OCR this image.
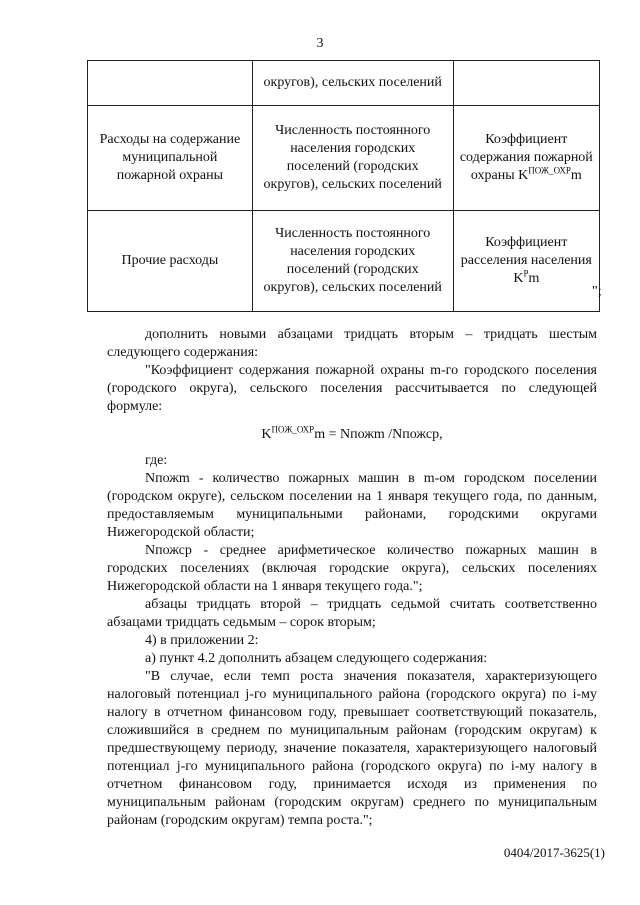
3
	округов), сельских поселений	
Расходы на содержание муниципальной пожарной охраны	Численность постоянного населения городских поселений (городских округов), сельских поселений	Коэффициент содержания пожарной охраны $K^{ПОЖ\_ОХР}m$
Прочие расходы	Численность постоянного населения городских поселений (городских округов), сельских поселений	Коэффициент расселения населения $K^Pm$
";

дополнить новыми абзацами тридцать вторым – тридцать шестым следующего содержания:

"Коэффициент содержания пожарной охраны m-го городского поселения (городского округа), сельского поселения рассчитывается по следующей формуле:

$K^{ПОЖ\_ОХР}m$ = Nпожm /Nпожср,

где:

Nпожm - количество пожарных машин в m-ом городском поселении (городском округе), сельском поселении на 1 января текущего года, по данным, предоставляемым муниципальными районами, городскими округами Нижегородской области;

Nпожср - среднее арифметическое количество пожарных машин в городских поселениях (включая городские округа), сельских поселениях Нижегородской области на 1 января текущего года.";

абзацы тридцать второй – тридцать седьмой считать соответственно абзацами тридцать седьмым – сорок вторым;

4) в приложении 2:

а) пункт 4.2 дополнить абзацем следующего содержания:

"В случае, если темп роста значения показателя, характеризующего налоговый потенциал j-го муниципального района (городского округа) по i-му налогу в отчетном финансовом году, превышает соответствующий показатель, сложившийся в среднем по муниципальным районам (городским округам) к предшествующему периоду, значение показателя, характеризующего налоговый потенциал j-го муниципального района (городского округа) по i-му налогу в отчетном финансовом году, принимается исходя из применения по муниципальным районам (городским округам) среднего по муниципальным районам (городским округам) темпа роста.";

0404/2017-3625(1)
